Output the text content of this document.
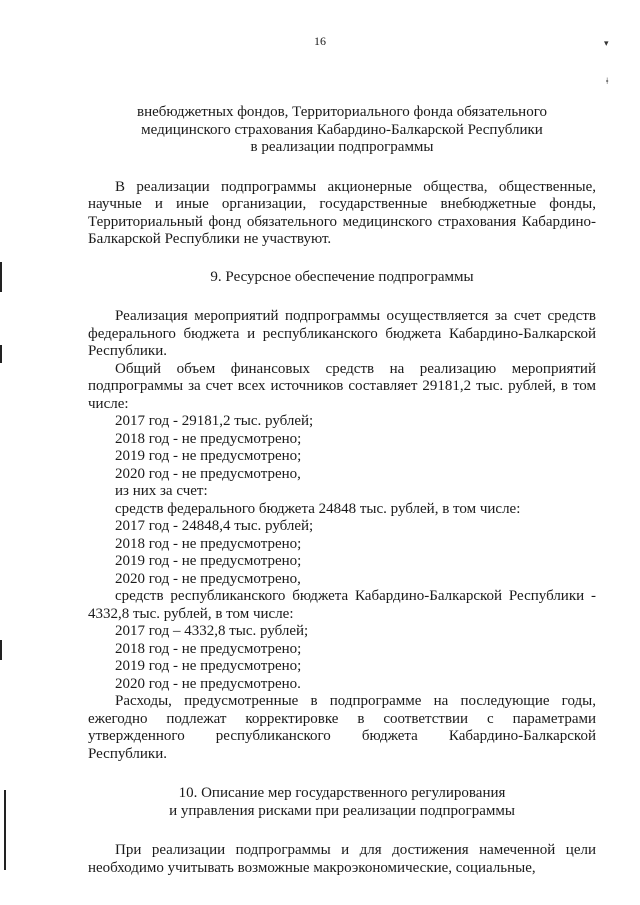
16	▾
ǂ
внебюджетных фондов, Территориального фонда обязательного
медицинского страхования Кабардино-Балкарской Республики
в реализации подпрограммы

В реализации подпрограммы акционерные общества, общественные, научные и иные организации, государственные внебюджетные фонды, Территориальный фонд обязательного медицинского страхования Кабардино-Балкарской Республики не участвуют.

9. Ресурсное обеспечение подпрограммы

Реализация мероприятий подпрограммы осуществляется за счет средств федерального бюджета и республиканского бюджета Кабардино-Балкарской Республики.

Общий объем финансовых средств на реализацию мероприятий подпрограммы за счет всех источников составляет 29181,2 тыс. рублей, в том числе:

2017 год - 29181,2 тыс. рублей;
2018 год - не предусмотрено;
2019 год - не предусмотрено;
2020 год - не предусмотрено,
из них за счет:
средств федерального бюджета 24848 тыс. рублей, в том числе:
2017 год - 24848,4 тыс. рублей;
2018 год - не предусмотрено;
2019 год - не предусмотрено;
2020 год - не предусмотрено,

средств республиканского бюджета Кабардино-Балкарской Республики - 4332,8 тыс. рублей, в том числе:

2017 год – 4332,8 тыс. рублей;
2018 год - не предусмотрено;
2019 год - не предусмотрено;
2020 год - не предусмотрено.

Расходы, предусмотренные в подпрограмме на последующие годы, ежегодно подлежат корректировке в соответствии с параметрами утвержденного республиканского бюджета Кабардино-Балкарской Республики.

10. Описание мер государственного регулирования
и управления рисками при реализации подпрограммы

При реализации подпрограммы и для достижения намеченной цели необходимо учитывать возможные макроэкономические, социальные,
